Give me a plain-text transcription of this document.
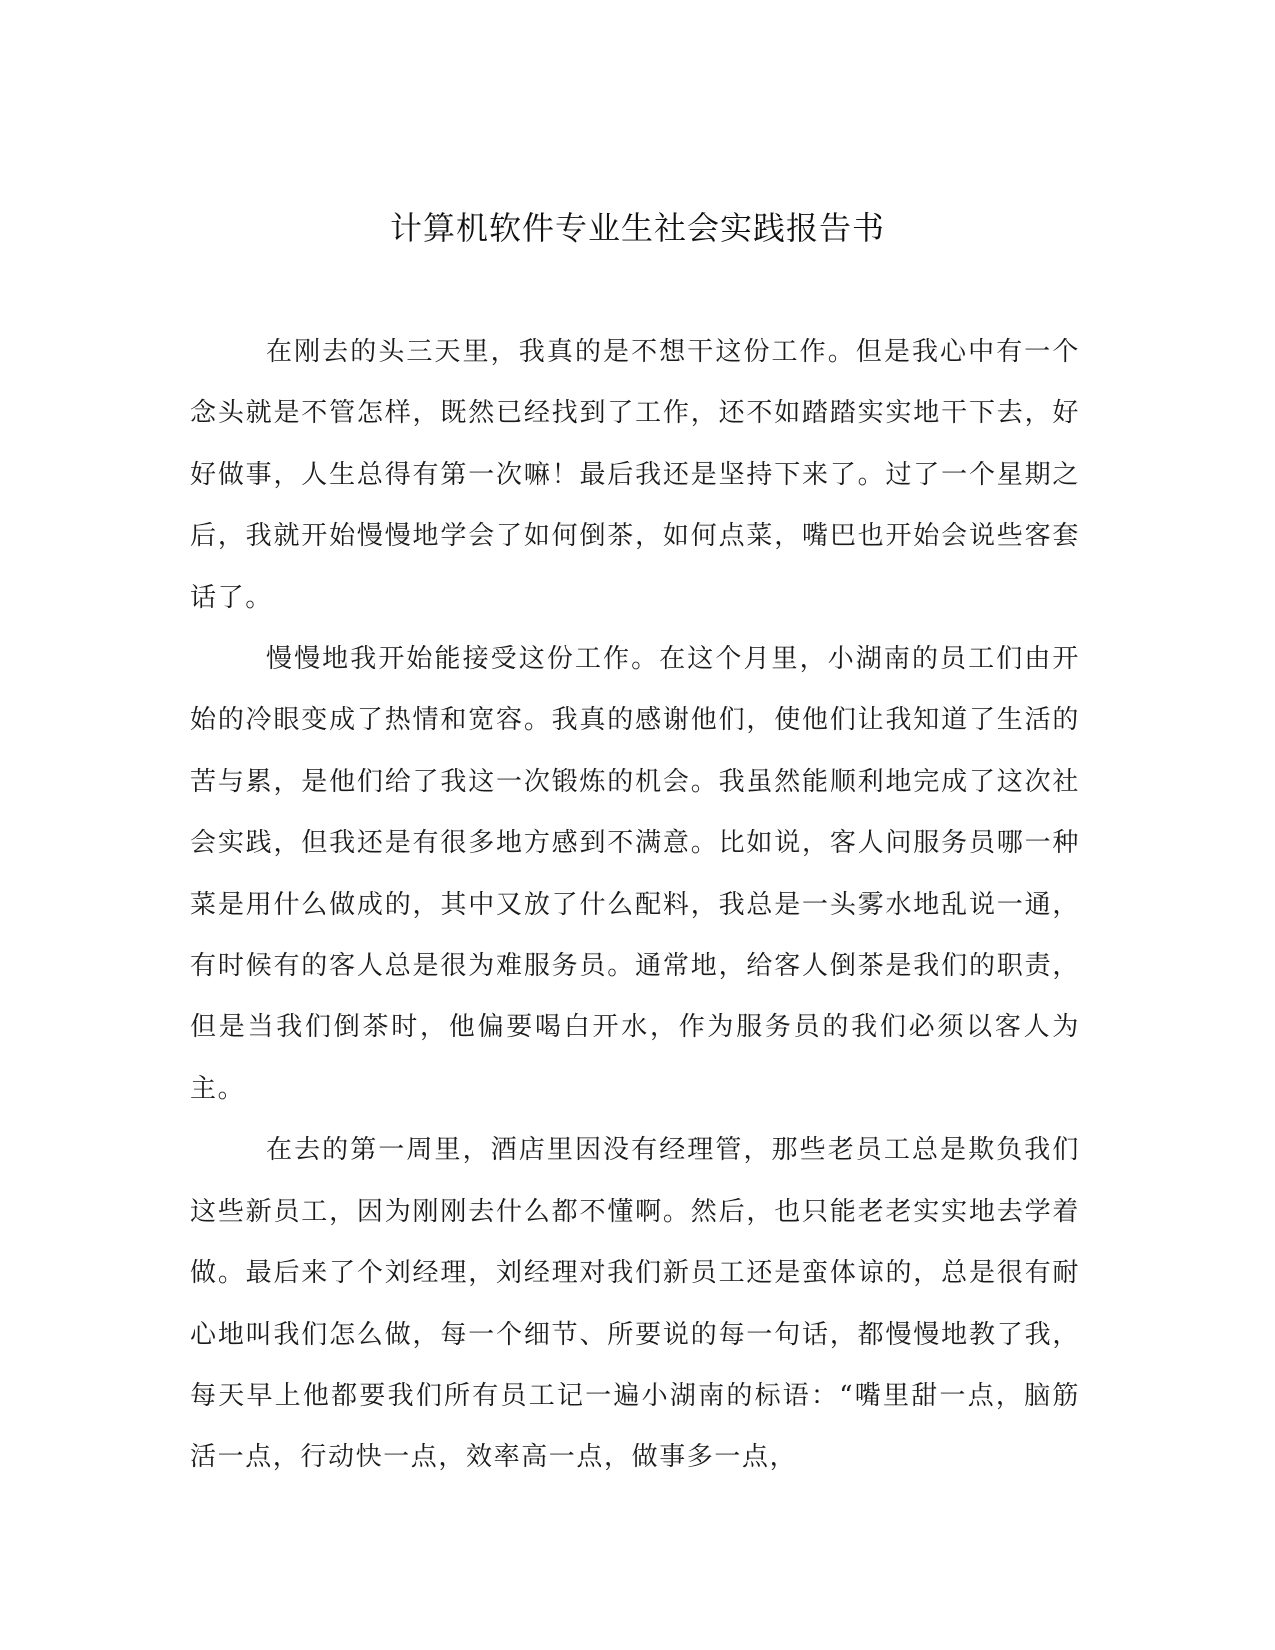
计算机软件专业生社会实践报告书

在刚去的头三天里，我真的是不想干这份工作。但是我心中有一个念头就是不管怎样，既然已经找到了工作，还不如踏踏实实地干下去，好好做事，人生总得有第一次嘛！最后我还是坚持下来了。过了一个星期之后，我就开始慢慢地学会了如何倒茶，如何点菜，嘴巴也开始会说些客套话了。

慢慢地我开始能接受这份工作。在这个月里，小湖南的员工们由开始的冷眼变成了热情和宽容。我真的感谢他们，使他们让我知道了生活的苦与累，是他们给了我这一次锻炼的机会。我虽然能顺利地完成了这次社会实践，但我还是有很多地方感到不满意。比如说，客人问服务员哪一种菜是用什么做成的，其中又放了什么配料，我总是一头雾水地乱说一通，有时候有的客人总是很为难服务员。通常地，给客人倒茶是我们的职责，但是当我们倒茶时，他偏要喝白开水，作为服务员的我们必须以客人为主。

在去的第一周里，酒店里因没有经理管，那些老员工总是欺负我们这些新员工，因为刚刚去什么都不懂啊。然后，也只能老老实实地去学着做。最后来了个刘经理，刘经理对我们新员工还是蛮体谅的，总是很有耐心地叫我们怎么做，每一个细节、所要说的每一句话，都慢慢地教了我，每天早上他都要我们所有员工记一遍小湖南的标语：“嘴里甜一点，脑筋活一点，行动快一点，效率高一点，做事多一点，
